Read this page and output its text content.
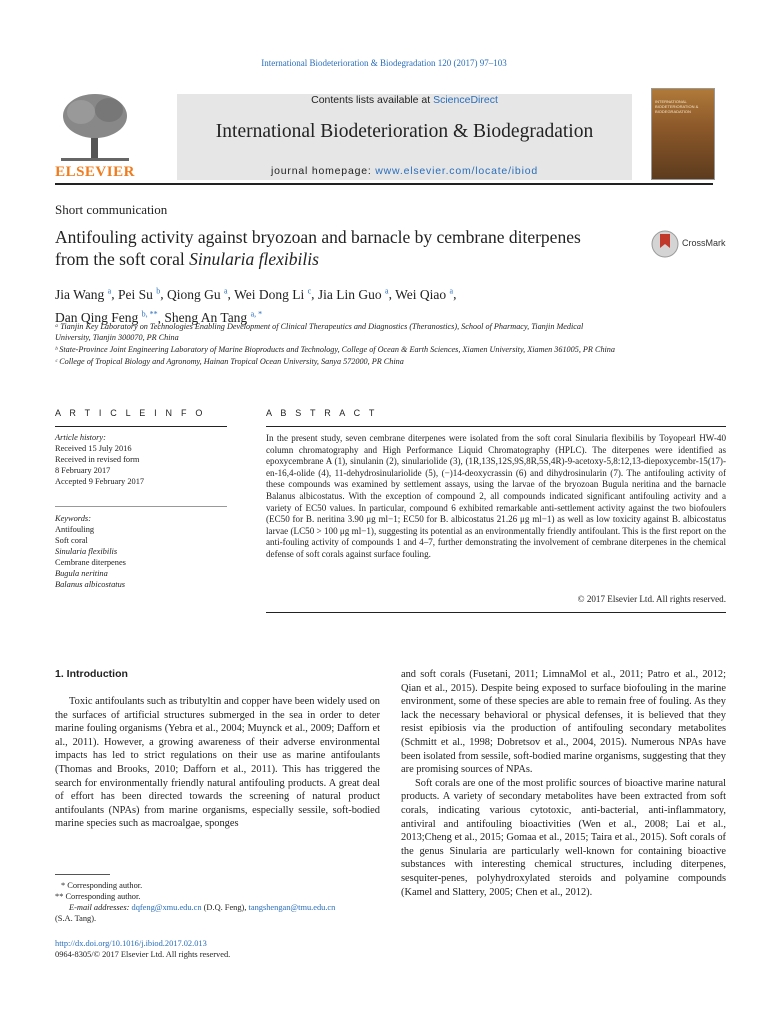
International Biodeterioration & Biodegradation 120 (2017) 97–103
ELSEVIER
Contents lists available at ScienceDirect
International Biodeterioration & Biodegradation
journal homepage: www.elsevier.com/locate/ibiod
INTERNATIONAL BIODETERIORATION & BIODEGRADATION
Short communication
Antifouling activity against bryozoan and barnacle by cembrane diterpenes from the soft coral Sinularia flexibilis
CrossMark
Jia Wang $^a$, Pei Su $^b$, Qiong Gu $^a$, Wei Dong Li $^c$, Jia Lin Guo $^a$, Wei Qiao $^a$,
Dan Qing Feng $^{b, **}$, Sheng An Tang $^{a, *}$

ᵃ Tianjin Key Laboratory on Technologies Enabling Development of Clinical Therapeutics and Diagnostics (Theranostics), School of Pharmacy, Tianjin Medical University, Tianjin 300070, PR China

ᵇ State-Province Joint Engineering Laboratory of Marine Bioproducts and Technology, College of Ocean & Earth Sciences, Xiamen University, Xiamen 361005, PR China

ᶜ College of Tropical Biology and Agronomy, Hainan Tropical Ocean University, Sanya 572000, PR China

A R T I C L E I N F O
Article history:
Received 15 July 2016
Received in revised form
8 February 2017
Accepted 9 February 2017
Keywords:
Antifouling
Soft coral
Sinularia flexibilis
Cembrane diterpenes
Bugula neritina
Balanus albicostatus
A B S T R A C T
In the present study, seven cembrane diterpenes were isolated from the soft coral Sinularia flexibilis by Toyopearl HW-40 column chromatography and High Performance Liquid Chromatography (HPLC). The diterpenes were identified as epoxycembrane A (1), sinulanin (2), sinulariolide (3), (1R,13S,12S,9S,8R,5S,4R)-9-acetoxy-5,8:12,13-diepoxycembr-15(17)-en-16,4-olide (4), 11-dehydrosinulariolide (5), (−)14-deoxycrassin (6) and dihydrosinularin (7). The antifouling activity of these compounds was examined by settlement assays, using the larvae of the bryozoan Bugula neritina and the barnacle Balanus albicostatus. With the exception of compound 2, all compounds indicated significant antifouling activity and a variety of EC50 values. In particular, compound 6 exhibited remarkable anti-settlement activity against the two biofoulers (EC50 for B. neritina 3.90 μg ml−1; EC50 for B. albicostatus 21.26 μg ml−1) as well as low toxicity against B. albicostatus larvae (LC50 > 100 μg ml−1), suggesting its potential as an environmentally friendly antifoulant. This is the first report on the anti-fouling activity of compounds 1 and 4–7, further demonstrating the involvement of cembrane diterpenes in the chemical defense of soft corals against surface fouling.
© 2017 Elsevier Ltd. All rights reserved.
1. Introduction

Toxic antifoulants such as tributyltin and copper have been widely used on the surfaces of artificial structures submerged in the sea in order to deter marine fouling organisms (Yebra et al., 2004; Muynck et al., 2009; Dafforn et al., 2011). However, a growing awareness of their adverse environmental impacts has led to strict regulations on their use as marine antifoulants (Thomas and Brooks, 2010; Dafforn et al., 2011). This has triggered the search for environmentally friendly natural antifouling products. A great deal of effort has been directed towards the screening of natural product antifoulants (NPAs) from marine organisms, especially sessile, soft-bodied marine species such as macroalgae, sponges

and soft corals (Fusetani, 2011; LimnaMol et al., 2011; Patro et al., 2012; Qian et al., 2015). Despite being exposed to surface biofouling in the marine environment, some of these species are able to remain free of fouling. As they lack the necessary behavioral or physical defenses, it is believed that they resist epibiosis via the production of antifouling secondary metabolites (Schmitt et al., 1998; Dobretsov et al., 2004, 2015). Numerous NPAs have been isolated from sessile, soft-bodied marine organisms, suggesting that they are promising sources of NPAs.

Soft corals are one of the most prolific sources of bioactive marine natural products. A variety of secondary metabolites have been extracted from soft corals, indicating various cytotoxic, anti-bacterial, anti-inflammatory, antiviral and antifouling bioactivities (Wen et al., 2008; Lai et al., 2013;Cheng et al., 2015; Gomaa et al., 2015; Taira et al., 2015). Soft corals of the genus Sinularia are particularly well-known for containing bioactive substances with interesting chemical structures, including diterpenes, sesquiter-penes, polyhydroxylated steroids and polyamine compounds (Kamel and Slattery, 2005; Chen et al., 2012).

* Corresponding author.
** Corresponding author.
E-mail addresses: dqfeng@xmu.edu.cn (D.Q. Feng), tangshengan@tmu.edu.cn
(S.A. Tang).
http://dx.doi.org/10.1016/j.ibiod.2017.02.013
0964-8305/© 2017 Elsevier Ltd. All rights reserved.
